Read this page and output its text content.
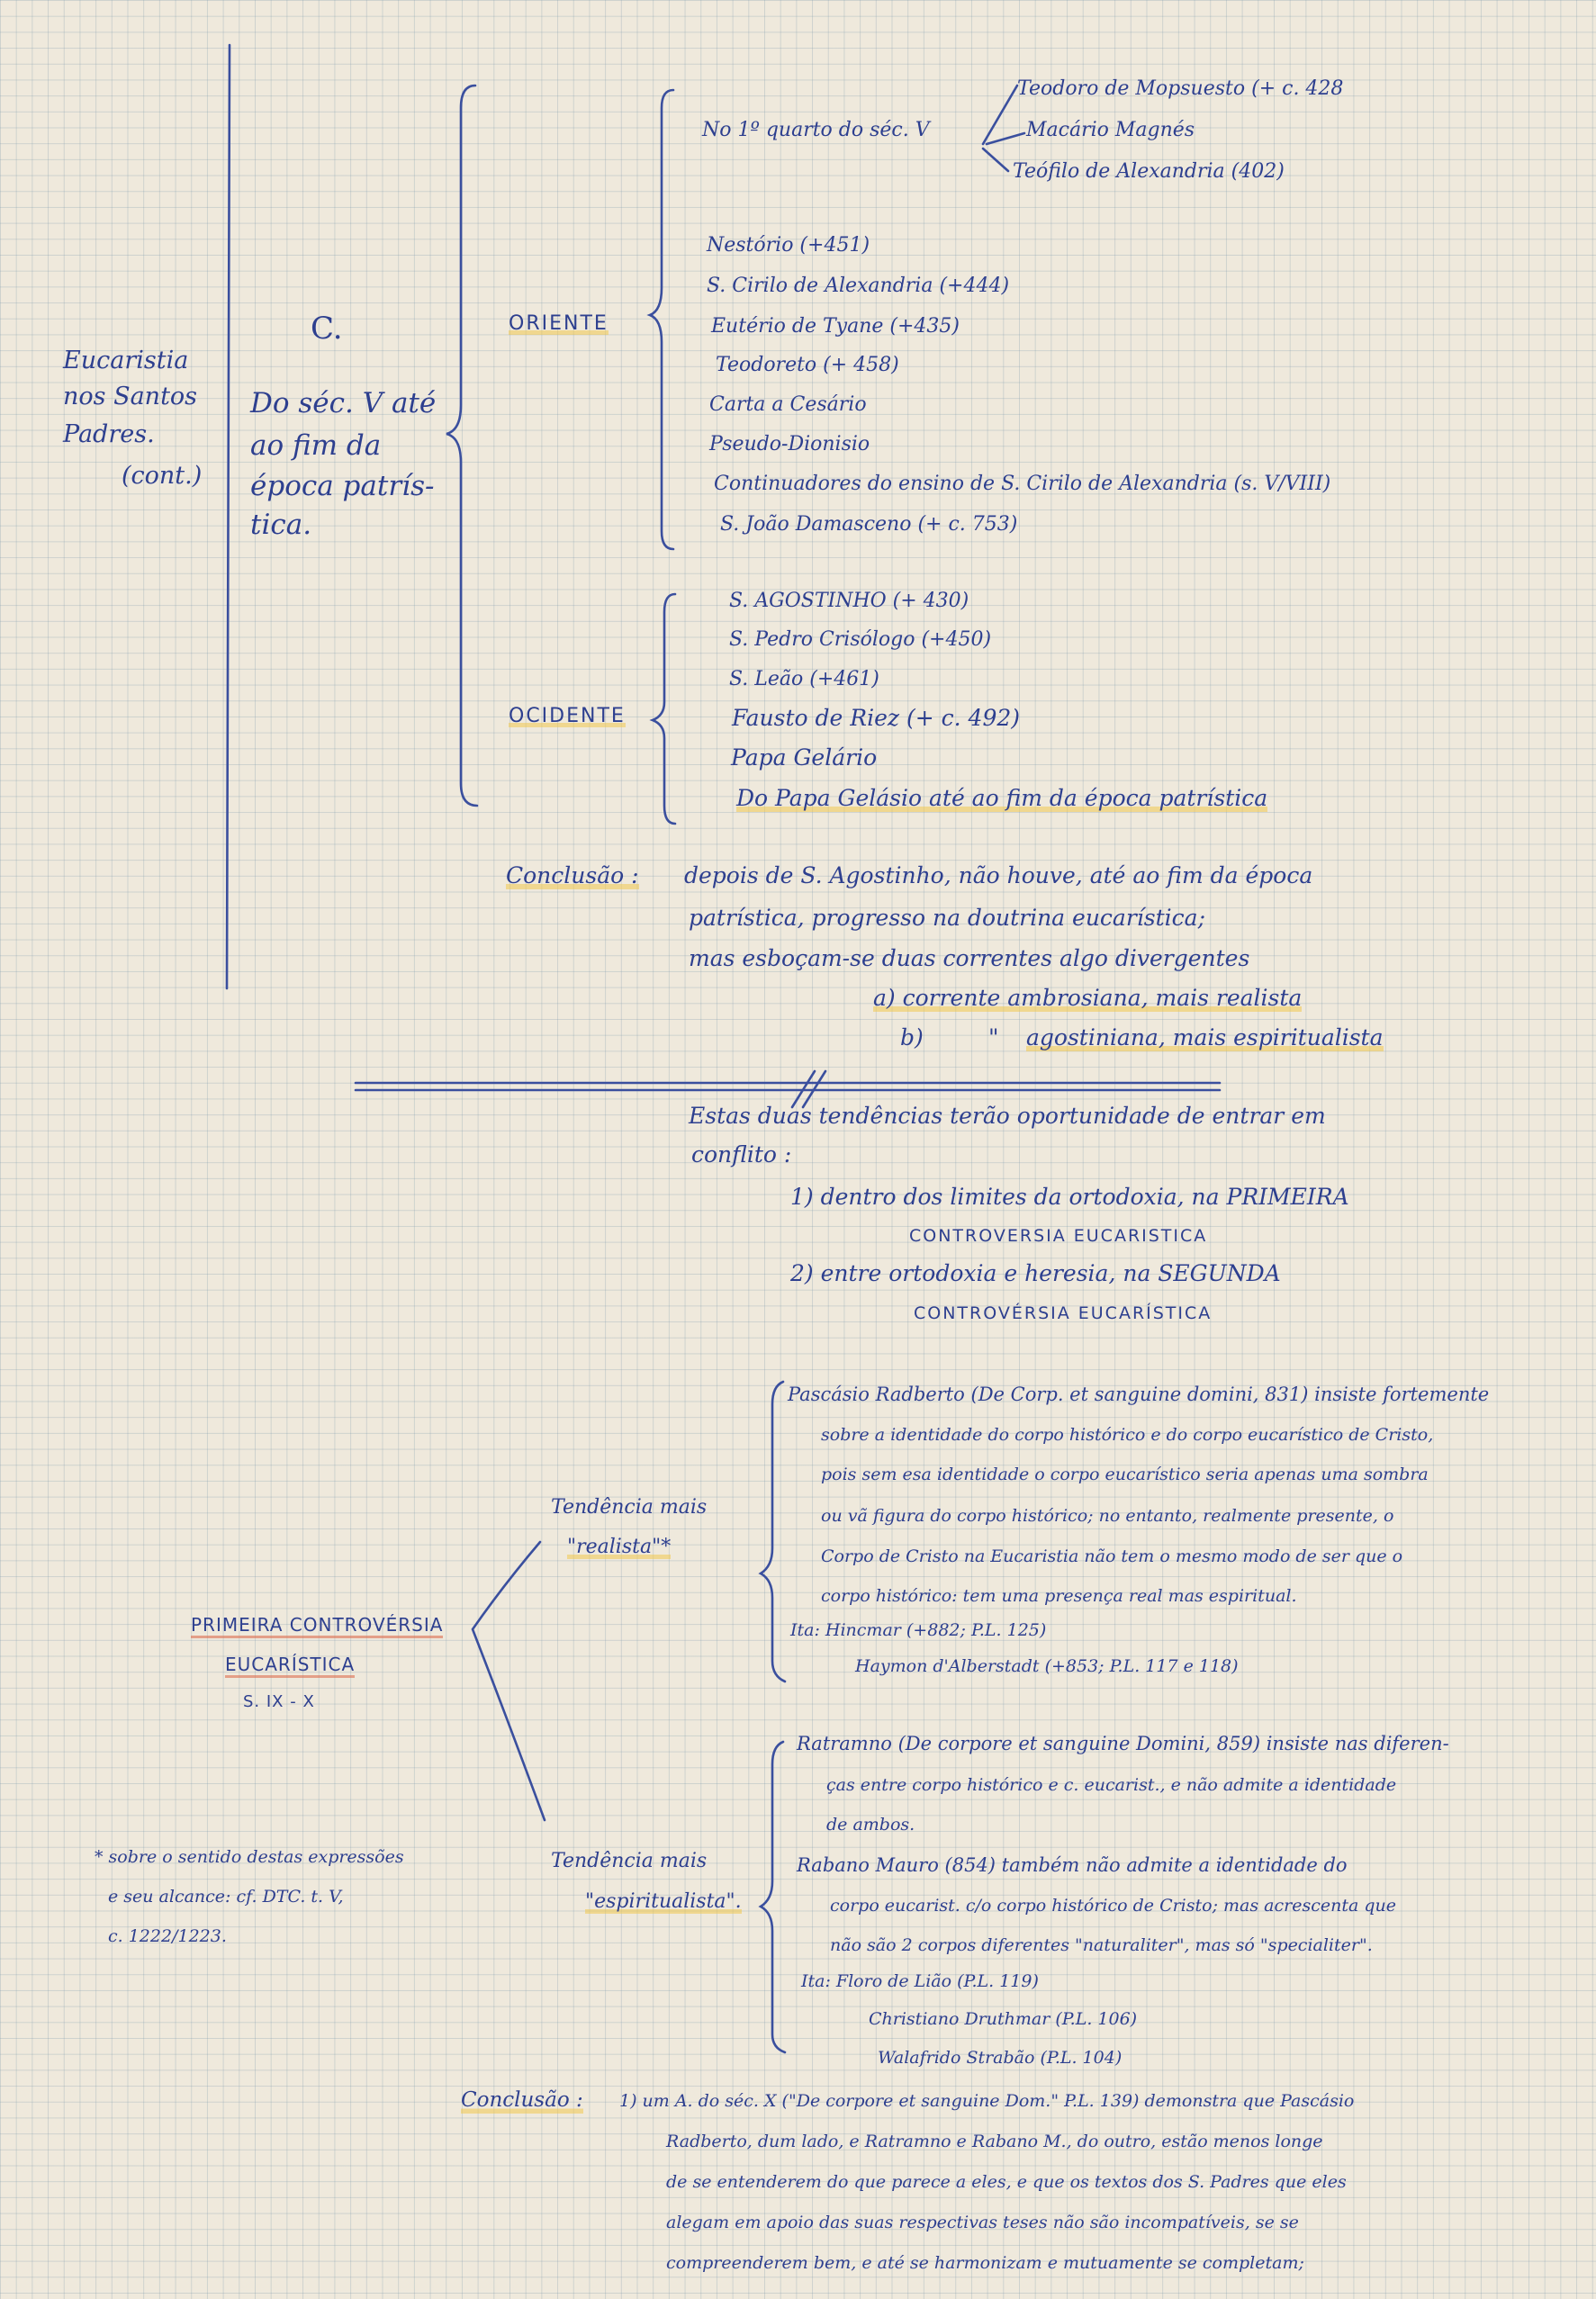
Eucaristia
nos Santos
Padres.
(cont.)
C.
Do séc. V até
ao fim da
época patrís-
tica.
ORIENTE
No 1º quarto do séc. V
Teodoro de Mopsuesto (+ c. 428
Macário Magnés
Teófilo de Alexandria (402)
Nestório (+451)
S. Cirilo de Alexandria (+444)
Eutério de Tyane (+435)
Teodoreto (+ 458)
Carta a Cesário
Pseudo-Dionisio
Continuadores do ensino de S. Cirilo de Alexandria (s. V/VIII)
S. João Damasceno (+ c. 753)
OCIDENTE
S. AGOSTINHO (+ 430)
S. Pedro Crisólogo (+450)
S. Leão (+461)
Fausto de Riez (+ c. 492)
Papa Gelário
Do Papa Gelásio até ao fim da época patrística
Conclusão : depois de S. Agostinho, não houve, até ao fim da época
patrística, progresso na doutrina eucarística;
mas esboçam-se duas correntes algo divergentes
a) corrente ambrosiana, mais realista
b)	" agostiniana, mais espiritualista
Estas duas tendências terão oportunidade de entrar em
conflito :
1) dentro dos limites da ortodoxia, na PRIMEIRA
CONTROVERSIA EUCARISTICA
2) entre ortodoxia e heresia, na SEGUNDA
CONTROVÉRSIA EUCARÍSTICA
PRIMEIRA CONTROVÉRSIA
EUCARÍSTICA
S. IX - X
* sobre o sentido destas expressões
e seu alcance: cf. DTC. t. V,
c. 1222/1223.
Tendência mais
"realista"*
Pascásio Radberto (De Corp. et sanguine domini, 831) insiste fortemente
sobre a identidade do corpo histórico e do corpo eucarístico de Cristo,
pois sem esa identidade o corpo eucarístico seria apenas uma sombra
ou vã figura do corpo histórico; no entanto, realmente presente, o
Corpo de Cristo na Eucaristia não tem o mesmo modo de ser que o
corpo histórico: tem uma presença real mas espiritual.
Ita: Hincmar (+882; P.L. 125)
Haymon d'Alberstadt (+853; P.L. 117 e 118)
Tendência mais
"espiritualista".
Ratramno (De corpore et sanguine Domini, 859) insiste nas diferen-
ças entre corpo histórico e c. eucarist., e não admite a identidade
de ambos.
Rabano Mauro (854) também não admite a identidade do
corpo eucarist. c/o corpo histórico de Cristo; mas acrescenta que
não são 2 corpos diferentes "naturaliter", mas só "specialiter".
Ita: Floro de Lião (P.L. 119)
Christiano Druthmar (P.L. 106)
Walafrido Strabão (P.L. 104)
Conclusão : 1) um A. do séc. X ("De corpore et sanguine Dom." P.L. 139) demonstra que Pascásio
Radberto, dum lado, e Ratramno e Rabano M., do outro, estão menos longe
de se entenderem do que parece a eles, e que os textos dos S. Padres que eles
alegam em apoio das suas respectivas teses não são incompatíveis, se se
compreenderem bem, e até se harmonizam e mutuamente se completam;
